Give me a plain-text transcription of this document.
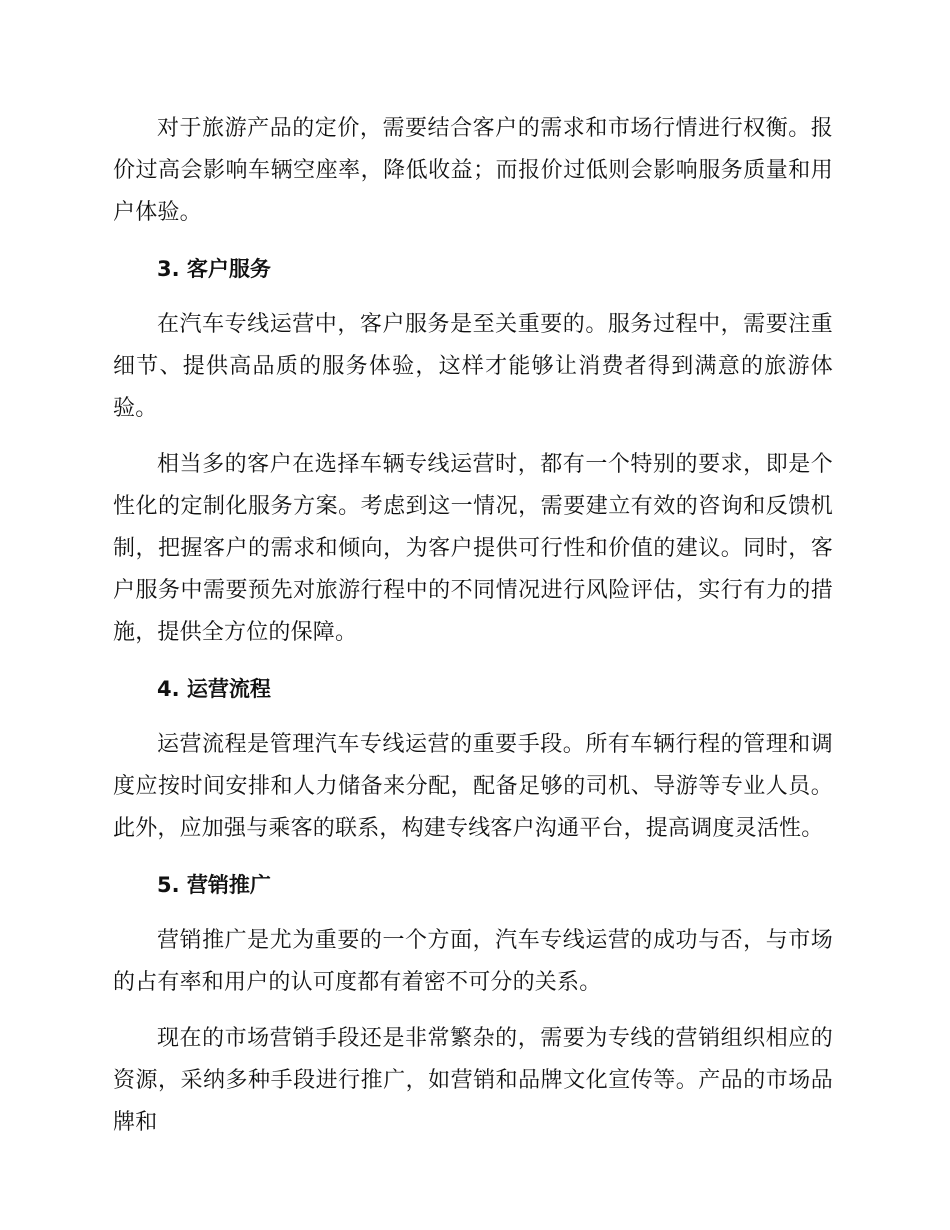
对于旅游产品的定价，需要结合客户的需求和市场行情进行权衡。报价过高会影响车辆空座率，降低收益；而报价过低则会影响服务质量和用户体验。

3. 客户服务

在汽车专线运营中，客户服务是至关重要的。服务过程中，需要注重细节、提供高品质的服务体验，这样才能够让消费者得到满意的旅游体验。

相当多的客户在选择车辆专线运营时，都有一个特别的要求，即是个性化的定制化服务方案。考虑到这一情况，需要建立有效的咨询和反馈机制，把握客户的需求和倾向，为客户提供可行性和价值的建议。同时，客户服务中需要预先对旅游行程中的不同情况进行风险评估，实行有力的措施，提供全方位的保障。

4. 运营流程

运营流程是管理汽车专线运营的重要手段。所有车辆行程的管理和调度应按时间安排和人力储备来分配，配备足够的司机、导游等专业人员。此外，应加强与乘客的联系，构建专线客户沟通平台，提高调度灵活性。

5. 营销推广

营销推广是尤为重要的一个方面，汽车专线运营的成功与否，与市场的占有率和用户的认可度都有着密不可分的关系。

现在的市场营销手段还是非常繁杂的，需要为专线的营销组织相应的资源，采纳多种手段进行推广，如营销和品牌文化宣传等。产品的市场品牌和
